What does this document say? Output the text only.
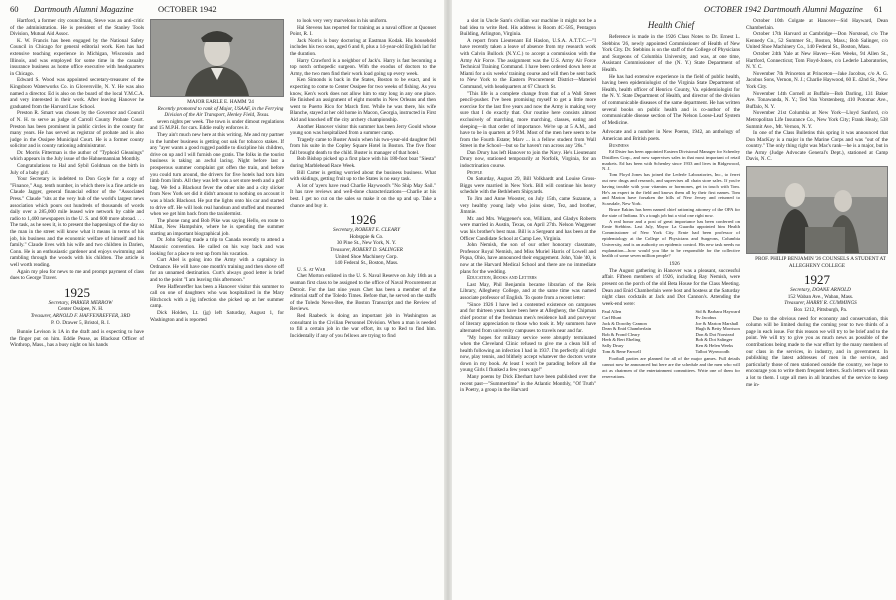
60 Dartmouth Alumni Magazine	OCTOBER 1942

Hartford, a former city councilman, Steve was an anti-critic of the administration. He is president of the Stanley Tools Division, Mutual Aid Assoc.

K. W. Francis has been engaged by the National Safety Council in Chicago for general editorial work. Ken has had extensive teaching experience in Michigan, Wisconsin and Illinois, and was employed for some time in the casualty insurance business as home office executive with headquarters in Chicago.

Edward S. Wood was appointed secretary-treasurer of the Kingsboro Waterworks Co. in Gloversville, N. Y. He was also named a director. Ed is also on the board of the local Y.M.C.A. and very interested in their work. After leaving Hanover he graduated from the Harvard Law School.

Preston R. Smart was chosen by the Governor and Council of N. H. to serve as judge of Carroll County Probate Court. Preston has been prominent in public circles in the county for many years. He has served as registrar of probate and is also judge in the Ossipee Municipal Court. He is a former county solicitor and is county rationing administrator.

Dr. Morris Fitterman is the author of "Typhoid Gleanings" which appears in the July issue of the Hahnemannian Monthly.

Congratulations to Hal and Sybil Goldman on the birth in July of a baby girl.

Your Secretary is indebted to Don Goyle for a copy of "Finance," Aug. tenth number, in which there is a fine article on Claude Jagger, general financial editor of the "Associated Press." Claude "sits at the very hub of the world's largest news association which pours out hundreds of thousands of words daily over a 285,000 mile leased wire network by cable and radio to 1,400 newspapers in the U. S. and 600 more abroad. . . . The task, as he sees it, is to present the happenings of the day so the man in the street will know what it means in terms of his job, his business and the economic welfare of himself and his family." Claude lives with his wife and two children in Darien, Conn. He is an enthusiastic gardener and enjoys swimming and rambling through the woods with his children. The article is well worth reading.

Again my plea for news to me and prompt payment of class dues to George Traver.

1925

Secretary, PARKER MERROW

Center Ossipee, N. H.

Treasurer, ARNOLD F. HAFFENREFFER, 3RD

P. O. Drawer 5, Bristol, R. I.

Bunnie Levison is 1A in the draft and is expecting to have the finger put on him. Eddie Pease, as Blackout Officer of Winthrop, Mass., has a busy night on his hands

MAJOR EARLE E. HAMM '24

Recently promoted to rank of Major, USAAF, in the Ferrying Division of the Air Transport, Henley Field, Texas.

seven nights per week. The town is under dimout regulations and 15 M.P.H. for cars. Eddie really enforces it.

They ain't much new here at this writing. Me and my partner in the lumber business is getting out oak for tobacco stakes. If any "ayer wants a good rugged paddle to discipline his children, drive on up and I will furnish one gratis. The folks in the tourist business is taking an awful lacing. Night before last a prosperous summer complaint got offen the train, and before you could turn around, the drivers for five hotels had torn him limb from limb. All they was left was a set store teeth and a golf bag. We fed a Blackout fever the other nite and a city slicker from New York set did it didn't amount to nothing on account it was a black Blackout. He put the lights onto his car and started to drive off. He will look real handsun and stuffed and mounted when we get him back from the taxidermist.

The phone rang and Bob Pike was saying Hello, en route to Milan, New Hampshire, where he is spending the summer starting an important biographical job.

Dr. John Spring made a trip to Canada recently to attend a Masonic convention. He called on his way back and was looking for a place to rest up from his vacation.

Curt Abel is going into the Army with a captaincy in Ordnance. He will have one month's training and then shove off for an unnamed destination. Curt's always good letter is brief and to the point "I am leaving this afternoon."

Pete Haffenreffer has been a Hanover visitor this summer to call on one of daughters who was hospitalized in the Mary Hitchcock with a jig infection she picked up at her summer camp.

Dick Holden, Lt. (jg) left Saturday, August 1, for Washington and is reported

to look very very marvelous in his uniform.

Hal Stevens has reported for training as a naval officer at Quonset Point, R. I.

Jack Norris is busy doctoring at Eastman Kodak. His household includes his two sons, aged 6 and 8, plus a 14-year-old English lad for the duration.

Harry Crawford is a neighbor of Jack's. Harry is fast becoming a top notch orthopedic surgeon. With the exodus of doctors to the Army, the two men find their work load going up every week.

Ken Simonds is back in the States, Boston to be exact, and is expecting to come to Center Ossipee for two weeks of fishing. As you know, Ken's work does not allow him to stay long in any one place. He finished an assignment of eight months in New Orleans and then went to Puerto Rico for March first. While he was there, his wife Blanche, stayed at her old home in Macon, Georgia, instructed in First Aid and knocked off the city archery championship.

Another Hanover visitor this summer has been Jerry Gould whose young son was hospitalized from a summer camp.

Tragedy came to Buster Ansin when his two-year-old daughter fell from his suite in the Copley Square Hotel in Boston. The five floor fall brought death to the child. Buster is manager of that hotel.

Bob Bishop picked up a first place with his 180-foot boat "Siesta" during Marblehead Race Week.

Bill Carter is getting worried about the business business. What with skidings, getting fruit up to the States is no easy task.

A lot of 'ayers have read Charlie Haywood's "No Ship May Sail." It has rave reviews and well-done characterizations—Charlie at his best. I get no cut on the sales so make it on the up and up. Take a chance and buy it.

1926

Secretary, ROBERT E. CLEARY

Hobsppie & Co.

30 Pine St., New York, N. Y.

Treasurer, ROBERT D. SALINGER

United Shoe Machinery Corp.

140 Federal St., Boston, Mass.

U. S. at War

Chet Morton enlisted in the U. S. Naval Reserve on July 16th as a seaman first class to be assigned to the office of Naval Procurement at Detroit. For the last nine years Chet has been a member of the editorial staff of the Toledo Times. Before that, he served on the staffs of the Toledo News-Bee, the Boston Transcript and the Review of Reviews.

Red Raabeck is doing an important job in Washington as consultant in the Civilian Personnel Division. When a man is needed to fill a certain job in the war effort, its up to Red to find him. Incidentally if any of you fellows are trying to find

OCTOBER 1942 Dartmouth Alumni Magazine 61

a slot in Uncle Sam's civilian war machine it might not be a bad idea to write Red. His address is Room 4C-585, Pentagon Building, Arlington, Virginia.

A report from Lieutenant Ed Haslon, U.S.A. A.T.T.C.—"I have recently taken a leave of absence from my research work with Calvin Bullock (N.Y.C.) to accept a commission with the Army Air Force. The assignment was the U.S. Army Air Force Technical Training Command. I have been ordered down here at Miami for a six weeks' training course and will then be sent back to New York to the Eastern Procurement District—Materiel Command, with headquarters at 67 Church St.

"This life is a complete change from that of a Wall Street pencil-pusher. I've been promising myself to get a little more exercise for the last five years and now the Army is making very sure that I do exactly that. Our routine here consists almost exclusively of marching, more marching, classes, eating and sleeping—in that order of importance. We're up at 5 A.M., and have to be in quarters at 9 P.M. Most of the men here seem to be from the Fourth Estate; Marv ... is a fellow student from Wall Street in the School—but so far haven't run across any '26s."

Dan Drury has left Hanover to join the Navy. He's Lieutenant Drury now, stationed temporarily at Norfolk, Virginia, for an indoctrination course.

People

On Saturday, August 29, Bill Volkhardt and Louise Gross-Biggs were married in New York. Bill will continue his heavy schedule with the Bethlehem Shipyards.

To Jim and Anne Wooster, on July 15th, came Suzanne, a very healthy young lady who joins sister, Tez, and brother, Jimmie.

Mr. and Mrs. Waggener's son, William, and Gladys Roberts were married in Austin, Texas, on April 27th. Nelson Waggener was his brother's best man. Bill is a Sergeant and has been at the Officer Candidate School at Camp Lee, Virginia.

John Nemish, the son of our other honorary classmate, Professor Royal Nemish, and Miss Muriel Harris of Lowell and Piqua, Ohio, have announced their engagement. John, Yale '40, is now at the Harvard Medical School and there are no immediate plans for the wedding.

Education, Books and Letters

Last May, Phil Benjamin became librarian of the Reis Library, Allegheny College, and at the same time was named associate professor of English. To quote from a recent letter:

"Since 1926 I have led a contented existence on campuses and for thirteen years have been here at Allegheny, the Chipman chief proctor of the freshman men's residence hall and purveyor of literary appreciation to those who took it. My summers have alternated from university campuses to travels near and far.

"My hopes for military service were abruptly terminated when the Cleveland Clinic refused to give me a clean bill of health following an infection I had in 1937. I'm perfectly all right now, play tennis, and blithely accept whatever the doctors wrote down in my book. At least I won't be parading before all the young Girls I flunked a few years ago!"

Many poems by Dick Eberhart have been published over the recent past—"Summertime" in the Atlantic Monthly, "Of Truth" in Poetry, a group in the Harvard

Health Chief

Reference is made in the 1926 Class Notes to Dr. Ernest L. Stebbins '26, newly appointed Commissioner of Health of New York City. Dr. Stebbins is on the staff of the College of Physicians and Surgeons of Columbia University, and was, at one time, Assistant Commissioner of the (N. Y.) State Department of Health.

He has had extensive experience in the field of public health, having been epidemiologist of the Virginia State Department of Health, health officer of Henrico County, Va. epidemiologist for the N. Y. State Department of Health, and director of the division of communicable diseases of the same department. He has written several books on public health and is co-author of the communicable disease section of The Nelson Loose-Leaf System of Medicine.

Advocate and a number in New Poems, 1942, an anthology of American and British poets.

Business

Ed Dister has been appointed Eastern Divisional Manager for Schenley Distillers Corp., and now supervises sales in that most important of retail markets. Ed has been with Schenley since 1933 and lives in Ridgewood, N. J.

Tom Floyd Jones has joined the Lederle Laboratories, Inc., to ferret out new drugs and research, and supervises all chain store sales. If you're having trouble with your vitamins or hormones, get in touch with Tom. He's an expert in the field and knows them all by their first names. Tom and Marion have forsaken the hills of New Jersey and returned to Scarsdale, New York.

Bruce Eakins has been named chief rationing attorney of the OPA for the state of Indiana. It's a tough job but a vital one right now.

A real honor and a post of great importance has been conferred on Ernie Stebbins. Last July, Mayor La Guardia appointed him Health Commissioner of New York City. Ernie had been professor of epidemiology at the College of Physicians and Surgeons, Columbia University, and is an authority on epidemic control. His new task needs no explanation—how would you like to be responsible for the collective health of some seven million people?

1926

The August gathering in Hanover was a pleasant, successful affair. Fifteen members of 1926, including Ray Nemish, were present on the porch of the old Beta House for the Class Meeting. Dean and Enid Chamberlain were host and hostess at the Saturday night class cocktails at Jack and Dot Cannon's. Attending the week-end were:

Paul Allen
Carl Blunt
Jack & Dorothy Cannon
Dean & Enid Chamberlain
Bob & Frond Cleary
Herb & Bert Ebeling
Sally Drury
Tom & Rene Farwell
Sid & Barbara Hayward
Ev Jacobus
Joe & Marion Marshall
Hugh & Betty Morrison
Don & Dot Norstead
Bob & Dot Salinger
Ken & Helen Weeks
Talbot Wynwoodh

Football parties are planned for all of the major games. Full details cannot now be announced but here are the schedule and the men who will act as chairmen of the entertainment committees. Write one of them for reservations.

October 10th Colgate at Hanover—Sid Hayward, Dean Chamberlain.

October 17th Harvard at Cambridge—Don Norstead, c/o The Kennedy Co., 52 Summer St., Boston, Mass.; Bob Salinger, c/o United Shoe Machinery Co., 140 Federal St., Boston, Mass.

October 24th Yale at New Haven—Ken Weeks, 94 Allen St., Hartford, Connecticut; Tom Floyd-Jones, c/o Lederle Laboratories, N. Y. C.

November 7th Princeton at Princeton—Jake Jacobus, c/o A. G. Jacobus Sons, Vernon, N. J.; Charlie Haywood, 60 E. 42nd St., New York City.

November 14th Cornell at Buffalo—Bob Darling, 131 Baker Ave. Tonawanda, N. Y.; Ted Van Vorstenberg, 410 Potomac Ave., Buffalo, N. Y.

November 21st Columbia at New York—Lloyd Sanford, c/o Metropolitan Life Insurance Co., New York City; Frank Healy, 538 Summit Ave., Mt. Vernon, N. Y.

In one of the Class Bulletins this spring it was announced that Don MacKay is a major in the Marine Corps and was "out of the country." The only thing right was Mac's rank—he is a major, but in the Army (Judge Advocate General's Dept.), stationed at Camp Davis, N. C.

PROF. PHILIP BENJAMIN '26 COUNSELS A STUDENT AT ALLEGHENY COLLEGE

1927

Secretary, DOANE ARNOLD

152 Waban Ave., Waban, Mass.

Treasurer, HARRY R. CUMMINGS

Box 1212, Pittsburgh, Pa.

Due to the obvious need for economy and conservation, this column will be limited during the coming year to two thirds of a page in each issue. For this reason we will try to be brief and to the point. We will try to give you as much news as possible of the contributions being made to the war effort by the many members of our class in the services, in industry, and in government. In publishing the latest addresses of men in the service, and particularly those of men stationed outside the country, we hope to encourage you to write them frequent letters. Such letters will mean a lot to them. I urge all men in all branches of the service to keep me in-
